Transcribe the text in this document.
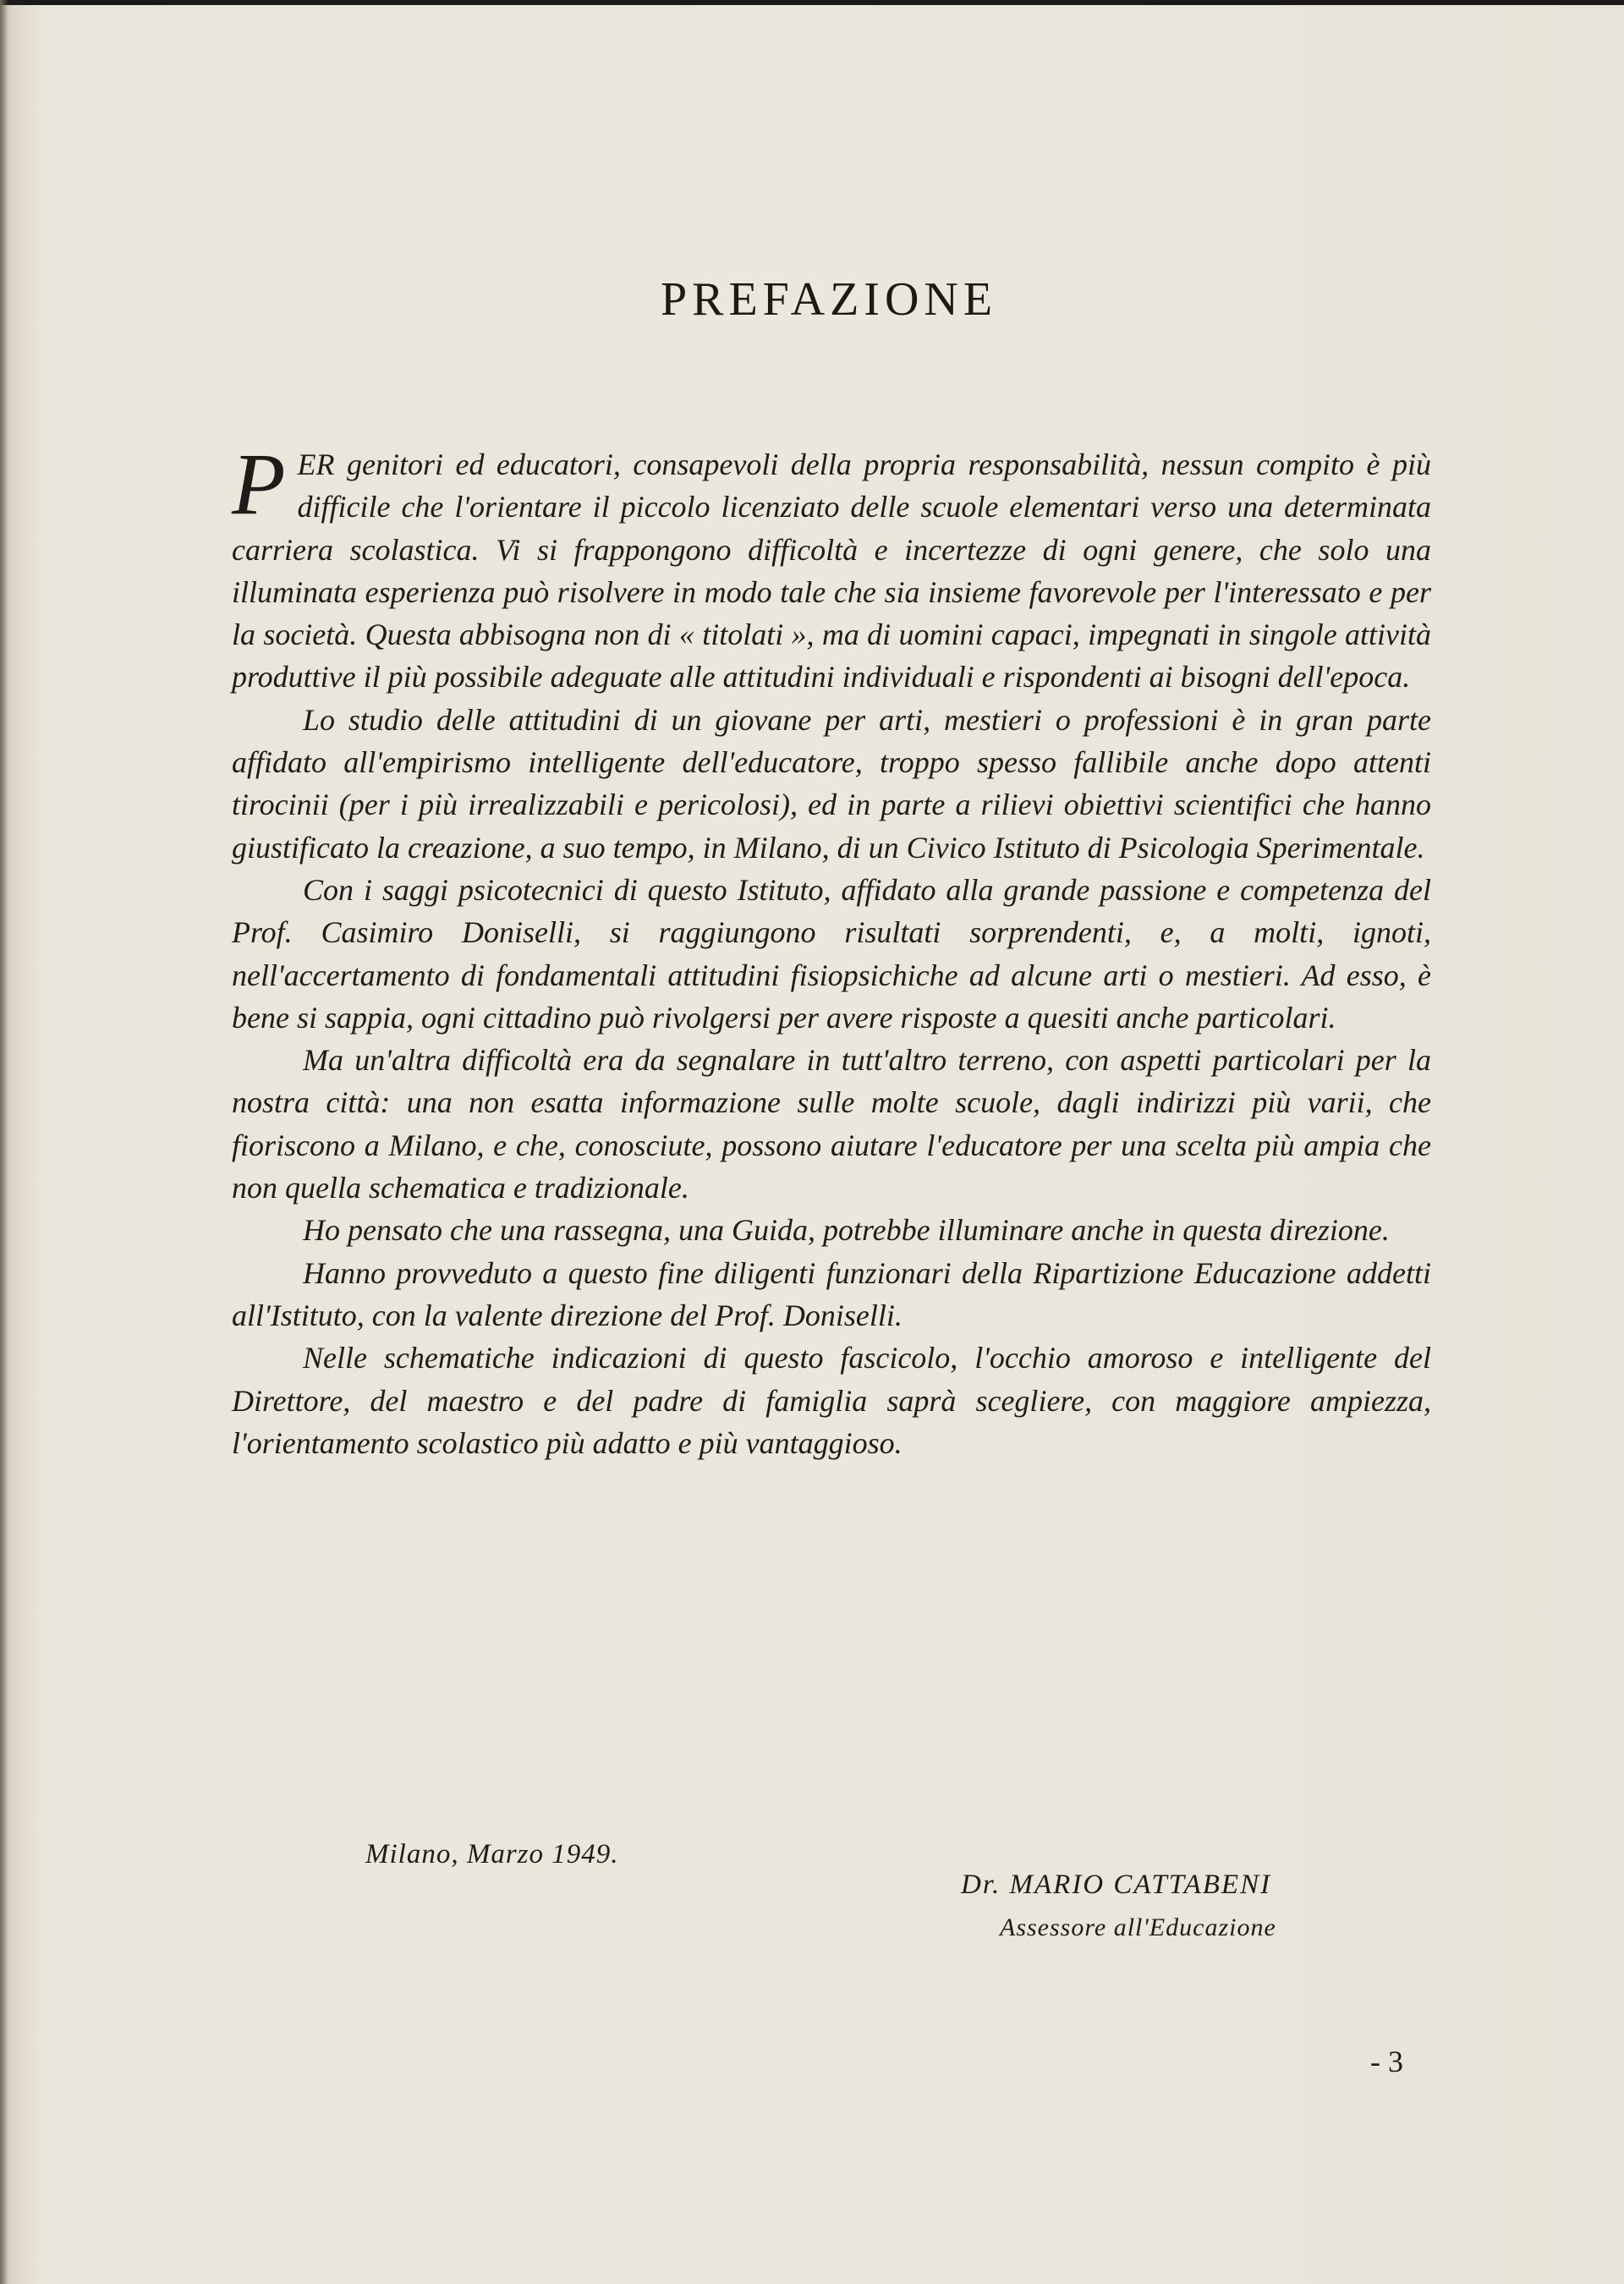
PREFAZIONE

PER genitori ed educatori, consapevoli della propria responsabilità, nessun compito è più difficile che l'orientare il piccolo licenziato delle scuole elementari verso una determinata carriera scolastica. Vi si frappongono difficoltà e incertezze di ogni genere, che solo una illuminata esperienza può risolvere in modo tale che sia insieme favorevole per l'interessato e per la società. Questa abbisogna non di « titolati », ma di uomini capaci, impegnati in singole attività produttive il più possibile adeguate alle attitudini individuali e rispondenti ai bisogni dell'epoca.

Lo studio delle attitudini di un giovane per arti, mestieri o professioni è in gran parte affidato all'empirismo intelligente dell'educatore, troppo spesso fallibile anche dopo attenti tirocinii (per i più irrealizzabili e pericolosi), ed in parte a rilievi obiettivi scientifici che hanno giustificato la creazione, a suo tempo, in Milano, di un Civico Istituto di Psicologia Sperimentale.

Con i saggi psicotecnici di questo Istituto, affidato alla grande passione e competenza del Prof. Casimiro Doniselli, si raggiungono risultati sorprendenti, e, a molti, ignoti, nell'accertamento di fondamentali attitudini fisiopsichiche ad alcune arti o mestieri. Ad esso, è bene si sappia, ogni cittadino può rivolgersi per avere risposte a quesiti anche particolari.

Ma un'altra difficoltà era da segnalare in tutt'altro terreno, con aspetti particolari per la nostra città: una non esatta informazione sulle molte scuole, dagli indirizzi più varii, che fioriscono a Milano, e che, conosciute, possono aiutare l'educatore per una scelta più ampia che non quella schematica e tradizionale.

Ho pensato che una rassegna, una Guida, potrebbe illuminare anche in questa direzione.

Hanno provveduto a questo fine diligenti funzionari della Ripartizione Educazione addetti all'Istituto, con la valente direzione del Prof. Doniselli.

Nelle schematiche indicazioni di questo fascicolo, l'occhio amoroso e intelligente del Direttore, del maestro e del padre di famiglia saprà scegliere, con maggiore ampiezza, l'orientamento scolastico più adatto e più vantaggioso.

Milano, Marzo 1949.
Dr. MARIO CATTABENI
Assessore all'Educazione
- 3
